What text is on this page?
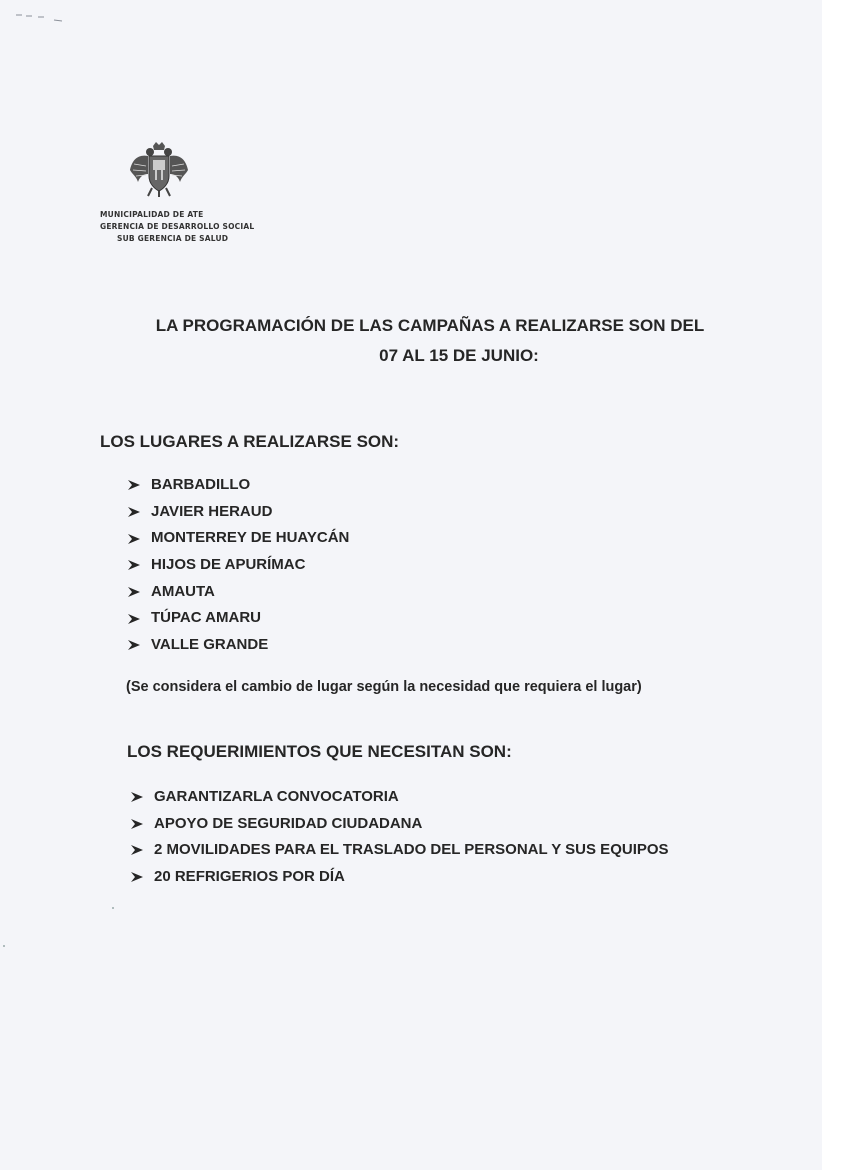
MUNICIPALIDAD DE ATE
GERENCIA DE DESARROLLO SOCIAL
SUB GERENCIA DE SALUD
LA PROGRAMACIÓN DE LAS CAMPAÑAS A REALIZARSE SON DEL
07 AL 15 DE JUNIO:
LOS LUGARES A REALIZARSE SON:
BARBADILLO
JAVIER HERAUD
MONTERREY DE HUAYCÁN
HIJOS DE APURÍMAC
AMAUTA
TÚPAC AMARU
VALLE GRANDE
(Se considera el cambio de lugar según la necesidad que requiera el lugar)
LOS REQUERIMIENTOS QUE NECESITAN SON:
GARANTIZARLA CONVOCATORIA
APOYO DE SEGURIDAD CIUDADANA
2 MOVILIDADES PARA EL TRASLADO DEL PERSONAL Y SUS EQUIPOS
20 REFRIGERIOS POR DÍA
